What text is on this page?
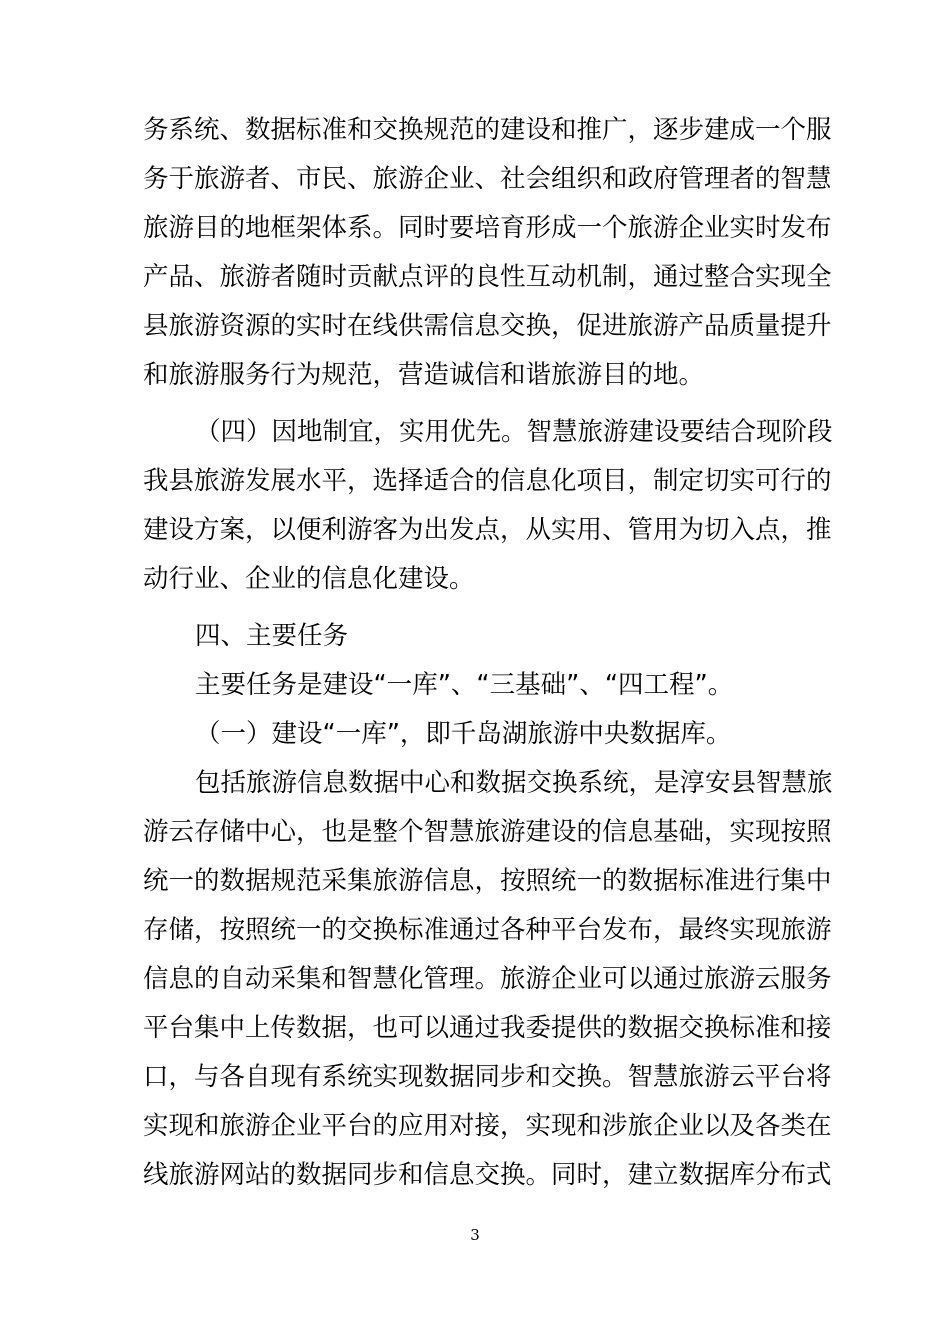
务系统、数据标准和交换规范的建设和推广，逐步建成一个服
务于旅游者、市民、旅游企业、社会组织和政府管理者的智慧
旅游目的地框架体系。同时要培育形成一个旅游企业实时发布
产品、旅游者随时贡献点评的良性互动机制，通过整合实现全
县旅游资源的实时在线供需信息交换，促进旅游产品质量提升
和旅游服务行为规范，营造诚信和谐旅游目的地。
（四）因地制宜，实用优先。智慧旅游建设要结合现阶段
我县旅游发展水平，选择适合的信息化项目，制定切实可行的
建设方案，以便利游客为出发点，从实用、管用为切入点，推
动行业、企业的信息化建设。
四、主要任务
主要任务是建设“一库”、“三基础”、“四工程”。
（一）建设“一库”，即千岛湖旅游中央数据库。
包括旅游信息数据中心和数据交换系统，是淳安县智慧旅
游云存储中心，也是整个智慧旅游建设的信息基础，实现按照
统一的数据规范采集旅游信息，按照统一的数据标准进行集中
存储，按照统一的交换标准通过各种平台发布，最终实现旅游
信息的自动采集和智慧化管理。旅游企业可以通过旅游云服务
平台集中上传数据，也可以通过我委提供的数据交换标准和接
口，与各自现有系统实现数据同步和交换。智慧旅游云平台将
实现和旅游企业平台的应用对接，实现和涉旅企业以及各类在
线旅游网站的数据同步和信息交换。同时，建立数据库分布式
3
